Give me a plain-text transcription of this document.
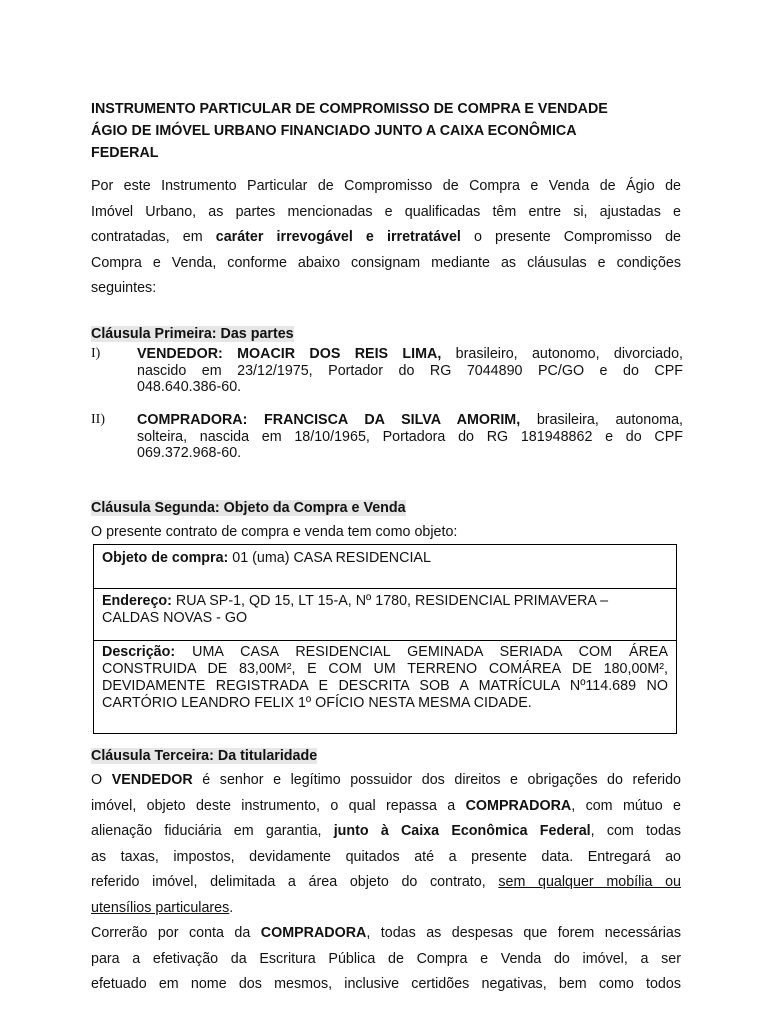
INSTRUMENTO PARTICULAR DE COMPROMISSO DE COMPRA E VENDADE
ÁGIO DE IMÓVEL URBANO FINANCIADO JUNTO A CAIXA ECONÔMICA
FEDERAL
Por este Instrumento Particular de Compromisso de Compra e Venda de Ágio de
Imóvel Urbano, as partes mencionadas e qualificadas têm entre si, ajustadas e
contratadas, em caráter irrevogável e irretratável o presente Compromisso de
Compra e Venda, conforme abaixo consignam mediante as cláusulas e condições
seguintes:
Cláusula Primeira: Das partes
I)	VENDEDOR: MOACIR DOS REIS LIMA, brasileiro, autonomo, divorciado,
nascido em 23/12/1975, Portador do RG 7044890 PC/GO e do CPF
048.640.386-60.
II) COMPRADORA: FRANCISCA DA SILVA AMORIM, brasileira, autonoma,
solteira, nascida em 18/10/1965, Portadora do RG 181948862 e do CPF
069.372.968-60.
Cláusula Segunda: Objeto da Compra e Venda
O presente contrato de compra e venda tem como objeto:
Objeto de compra: 01 (uma) CASA RESIDENCIAL
Endereço: RUA SP-1, QD 15, LT 15-A, Nº 1780, RESIDENCIAL PRIMAVERA –
CALDAS NOVAS - GO
Descrição: UMA CASA RESIDENCIAL GEMINADA SERIADA COM ÁREA
CONSTRUIDA DE 83,00M², E COM UM TERRENO COMÁREA DE 180,00M²,
DEVIDAMENTE REGISTRADA E DESCRITA SOB A MATRÍCULA Nº114.689 NO
CARTÓRIO LEANDRO FELIX 1º OFÍCIO NESTA MESMA CIDADE.
Cláusula Terceira: Da titularidade
O VENDEDOR é senhor e legítimo possuidor dos direitos e obrigações do referido
imóvel, objeto deste instrumento, o qual repassa a COMPRADORA, com mútuo e
alienação fiduciária em garantia, junto à Caixa Econômica Federal, com todas
as taxas, impostos, devidamente quitados até a presente data. Entregará ao
referido imóvel, delimitada a área objeto do contrato, sem qualquer mobília ou
utensílios particulares.
Correrão por conta da COMPRADORA, todas as despesas que forem necessárias
para a efetivação da Escritura Pública de Compra e Venda do imóvel, a ser
efetuado em nome dos mesmos, inclusive certidões negativas, bem como todos
